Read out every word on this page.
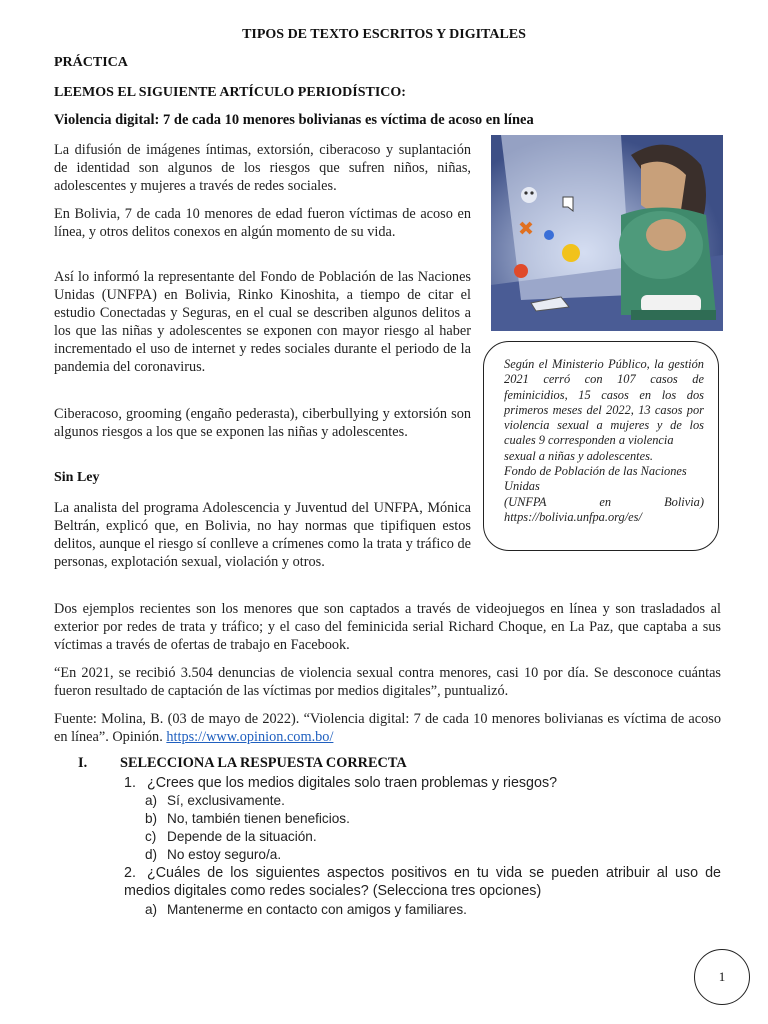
TIPOS DE TEXTO ESCRITOS Y DIGITALES
PRÁCTICA
LEEMOS EL SIGUIENTE ARTÍCULO PERIODÍSTICO:
Violencia digital: 7 de cada 10 menores bolivianas es víctima de acoso en línea
La difusión de imágenes íntimas, extorsión, ciberacoso y suplantación de identidad son algunos de los riesgos que sufren niños, niñas, adolescentes y mujeres a través de redes sociales.
En Bolivia, 7 de cada 10 menores de edad fueron víctimas de acoso en línea, y otros delitos conexos en algún momento de su vida.
Así lo informó la representante del Fondo de Población de las Naciones Unidas (UNFPA) en Bolivia, Rinko Kinoshita, a tiempo de citar el estudio Conectadas y Seguras, en el cual se describen algunos delitos a los que las niñas y adolescentes se exponen con mayor riesgo al haber incrementado el uso de internet y redes sociales durante el periodo de la pandemia del coronavirus.
Ciberacoso, grooming (engaño pederasta), ciberbullying y extorsión son algunos riesgos a los que se exponen las niñas y adolescentes.
Sin Ley
La analista del programa Adolescencia y Juventud del UNFPA, Mónica Beltrán, explicó que, en Bolivia, no hay normas que tipifiquen estos delitos, aunque el riesgo sí conlleve a crímenes como la trata y tráfico de personas, explotación sexual, violación y otros.
Según el Ministerio Público, la gestión 2021 cerró con 107 casos de feminicidios, 15 casos en los dos primeros meses del 2022, 13 casos por violencia sexual a mujeres y de los cuales 9 corresponden a violencia
sexual a niñas y adolescentes.
Fondo de Población de las Naciones Unidas
(UNFPA	en	Bolivia)
https://bolivia.unfpa.org/es/
Dos ejemplos recientes son los menores que son captados a través de videojuegos en línea y son trasladados al exterior por redes de trata y tráfico; y el caso del feminicida serial Richard Choque, en La Paz, que captaba a sus víctimas a través de ofertas de trabajo en Facebook.
“En 2021, se recibió 3.504 denuncias de violencia sexual contra menores, casi 10 por día. Se desconoce cuántas fueron resultado de captación de las víctimas por medios digitales”, puntualizó.
Fuente: Molina, B. (03 de mayo de 2022). “Violencia digital: 7 de cada 10 menores bolivianas es víctima de acoso en línea”. Opinión. https://www.opinion.com.bo/
I. SELECCIONA LA RESPUESTA CORRECTA
1. ¿Crees que los medios digitales solo traen problemas y riesgos?
a) Sí, exclusivamente.
b) No, también tienen beneficios.
c) Depende de la situación.
d) No estoy seguro/a.
2. ¿Cuáles de los siguientes aspectos positivos en tu vida se pueden atribuir al uso de medios digitales como redes sociales? (Selecciona tres opciones)
a) Mantenerme en contacto con amigos y familiares.
1
